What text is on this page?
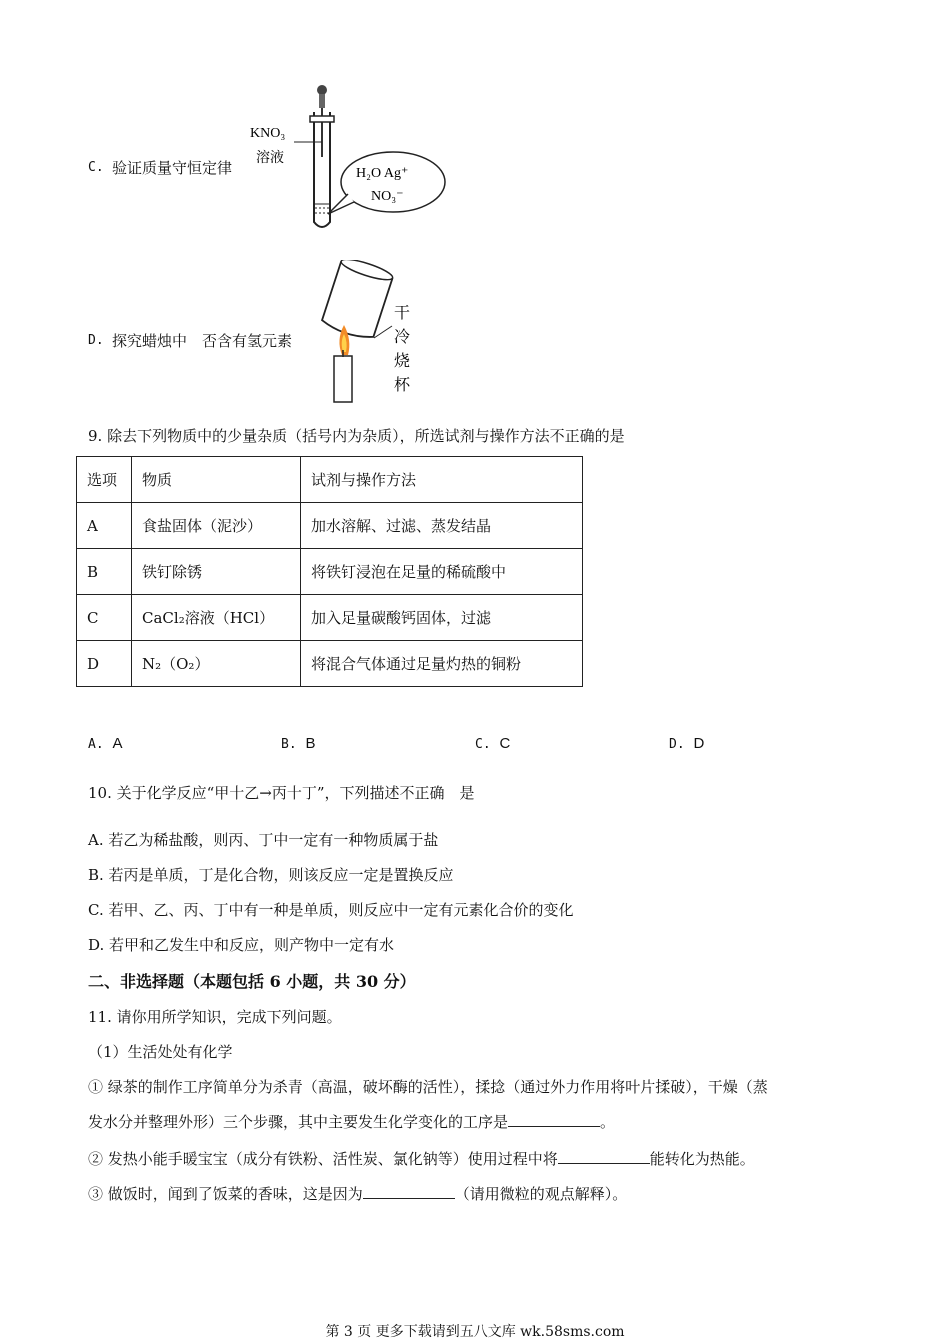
C. 验证质量守恒定律
KNO₃
溶液
H₂O Ag⁺
NO₃⁻
D. 探究蜡烛中　否含有氢元素
干
冷
烧
杯
9. 除去下列物质中的少量杂质（括号内为杂质），所选试剂与操作方法不正确的是
选项	物质	试剂与操作方法
A	食盐固体（泥沙）	加水溶解、过滤、蒸发结晶
B	铁钉除锈	将铁钉浸泡在足量的稀硫酸中
C	CaCl₂溶液（HCl）	加入足量碳酸钙固体，过滤
D	N₂（O₂）	将混合气体通过足量灼热的铜粉
A. A	B. B	C. C	D. D
10. 关于化学反应“甲十乙→丙十丁”，下列描述不正确　是
A. 若乙为稀盐酸，则丙、丁中一定有一种物质属于盐
B. 若丙是单质，丁是化合物，则该反应一定是置换反应
C. 若甲、乙、丙、丁中有一种是单质，则反应中一定有元素化合价的变化
D. 若甲和乙发生中和反应，则产物中一定有水
二、非选择题（本题包括 6 小题，共 30 分）
11. 请你用所学知识，完成下列问题。
（1）生活处处有化学
① 绿茶的制作工序简单分为杀青（高温，破坏酶的活性），揉捻（通过外力作用将叶片揉破），干燥（蒸
发水分并整理外形）三个步骤，其中主要发生化学变化的工序是	。
② 发热小能手暖宝宝（成分有铁粉、活性炭、氯化钠等）使用过程中将	能转化为热能。
③ 做饭时，闻到了饭菜的香味，这是因为	（请用微粒的观点解释）。
第 3 页 更多下载请到五八文库 wk.58sms.com
